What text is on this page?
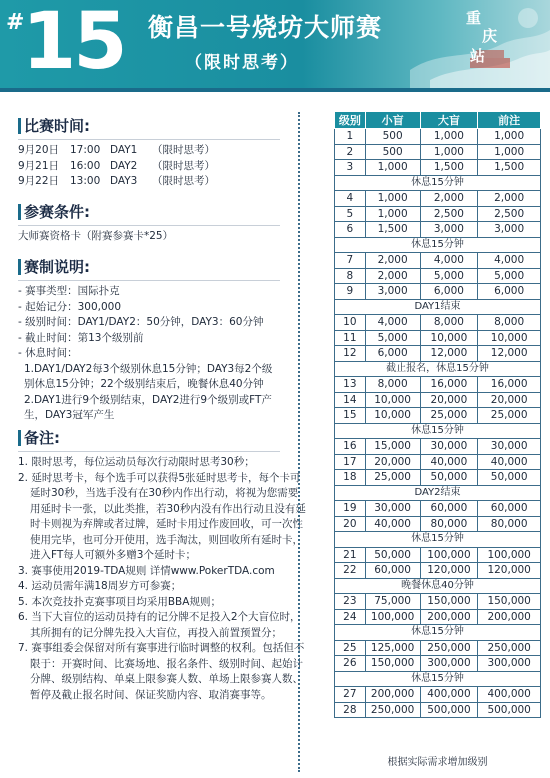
#
15 衡昌一号烧坊大师赛
（限时思考）
重
庆
站
比赛时间:
9月20日 17:00 DAY1 （限时思考）
9月21日 16:00 DAY2 （限时思考）
9月22日 13:00 DAY3 （限时思考）
参赛条件:
大师赛资格卡（附赛参赛卡*25）
赛制说明:
- 赛事类型：国际扑克
- 起始记分：300,000
- 级别时间：DAY1/DAY2：50分钟，DAY3：60分钟
- 截止时间：第13个级别前
- 休息时间：
1.DAY1/DAY2每3个级别休息15分钟；DAY3每2个级
别休息15分钟；22个级别结束后，晚餐休息40分钟
2.DAY1进行9个级别结束，DAY2进行9个级别或FT产
生，DAY3冠军产生
备注:
1. 限时思考，每位运动员每次行动限时思考30秒；
2. 延时思考卡，每个选手可以获得5张延时思考卡，每个卡可
延时30秒，当选手没有在30秒内作出行动，将视为您需要
用延时卡一张，以此类推，若30秒内没有作出行动且没有延
时卡则视为弃牌或者过牌，延时卡用过作废回收，可一次性
使用完毕，也可分开使用，选手淘汰，则回收所有延时卡，
进入FT每人可额外多赠3个延时卡；
3. 赛事使用2019-TDA规则 详情www.PokerTDA.com
4. 运动员需年满18周岁方可参赛；
5. 本次竞技扑克赛事项目均采用BBA规则；
6. 当下大盲位的运动员持有的记分牌不足投入2个大盲位时，
其所拥有的记分牌先投入大盲位，再投入前置预置分；
7. 赛事组委会保留对所有赛事进行临时调整的权利。包括但不
限于：开赛时间、比赛场地、报名条件、级别时间、起始计
分牌、级别结构、单桌上限参赛人数、单场上限参赛人数、
暂停及截止报名时间、保证奖励内容、取消赛事等。
级别	小盲	大盲	前注
1	500	1,000	1,000
2	500	1,000	1,000
3	1,000	1,500	1,500
休息15分钟			
4	1,000	2,000	2,000
5	1,000	2,500	2,500
6	1,500	3,000	3,000
休息15分钟			
7	2,000	4,000	4,000
8	2,000	5,000	5,000
9	3,000	6,000	6,000
DAY1结束			
10	4,000	8,000	8,000
11	5,000	10,000	10,000
12	6,000	12,000	12,000
截止报名，休息15分钟			
13	8,000	16,000	16,000
14	10,000	20,000	20,000
15	10,000	25,000	25,000
休息15分钟			
16	15,000	30,000	30,000
17	20,000	40,000	40,000
18	25,000	50,000	50,000
DAY2结束			
19	30,000	60,000	60,000
20	40,000	80,000	80,000
休息15分钟			
21	50,000	100,000	100,000
22	60,000	120,000	120,000
晚餐休息40分钟			
23	75,000	150,000	150,000
24	100,000	200,000	200,000
休息15分钟			
25	125,000	250,000	250,000
26	150,000	300,000	300,000
休息15分钟			
27	200,000	400,000	400,000
28	250,000	500,000	500,000
根据实际需求增加级别
